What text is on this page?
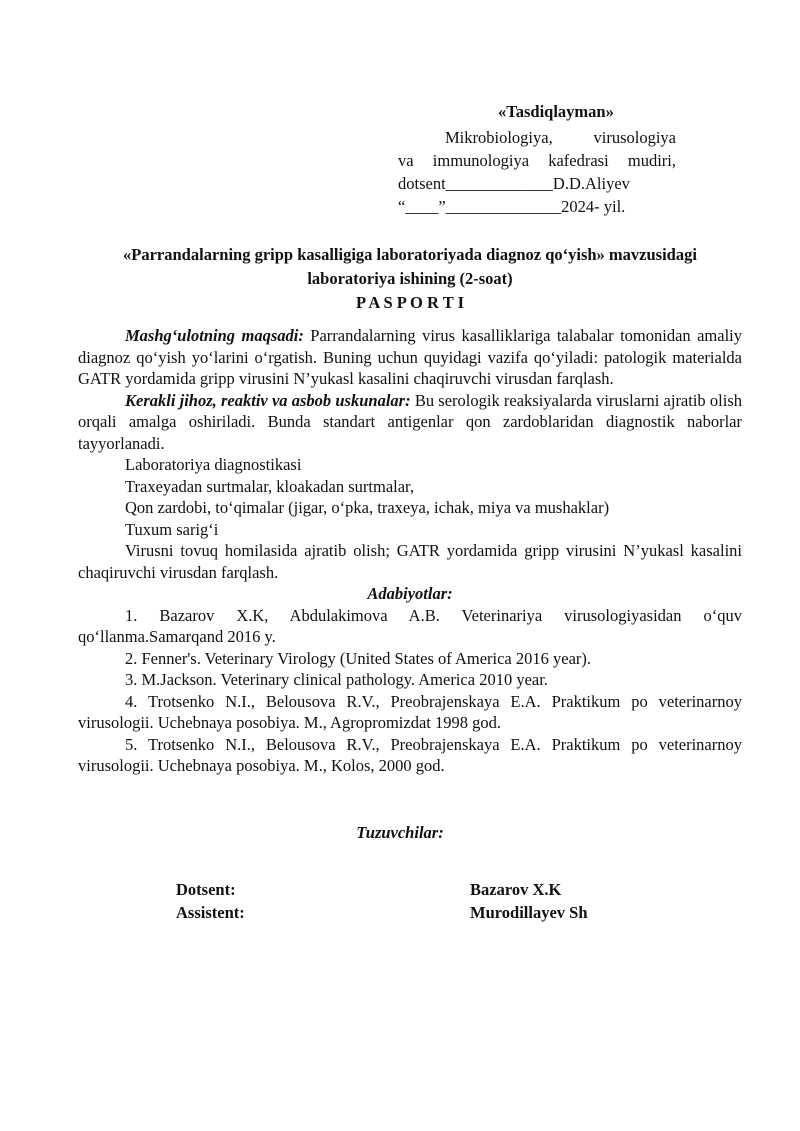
«Tasdiqlayman»
Mikrobiologiya, virusologiya
va immunologiya kafedrasi mudiri,
dotsent_____________D.D.Aliyev
“____”______________2024- yil.
«Parrandalarning gripp kasalligiga laboratoriyada diagnoz qo‘yish» mavzusidagi
laboratoriya ishining (2-soat)
P A S P O R T I

Mashg‘ulotning maqsadi: Parrandalarning virus kasalliklariga talabalar tomonidan amaliy diagnoz qo‘yish yo‘larini o‘rgatish. Buning uchun quyidagi vazifa qo‘yiladi: patologik materialda GATR yordamida gripp virusini N’yukasl kasalini chaqiruvchi virusdan farqlash.

Kerakli jihoz, reaktiv va asbob uskunalar: Bu serologik reaksiyalarda viruslarni ajratib olish orqali amalga oshiriladi. Bunda standart antigenlar qon zardoblaridan diagnostik naborlar tayyorlanadi.

Laboratoriya diagnostikasi

Traxeyadan surtmalar, kloakadan surtmalar,

Qon zardobi, to‘qimalar (jigar, o‘pka, traxeya, ichak, miya va mushaklar)

Tuxum sarig‘i

Virusni tovuq homilasida ajratib olish; GATR yordamida gripp virusini N’yukasl kasalini chaqiruvchi virusdan farqlash.

Adabiyotlar:

1. Bazarov X.K, Abdulakimova A.B. Veterinariya virusologiyasidan o‘quv qo‘llanma.Samarqand 2016 y.

2. Fenner's. Veterinary Virology (United States of America 2016 year).

3. M.Jackson. Veterinary clinical pathology. America 2010 year.

4. Trotsenko N.I., Belousova R.V., Preobrajenskaya E.A. Praktikum po veterinarnoy virusologii. Uchebnaya posobiya. M., Agropromizdat 1998 god.

5. Trotsenko N.I., Belousova R.V., Preobrajenskaya E.A. Praktikum po veterinarnoy virusologii. Uchebnaya posobiya. M., Kolos, 2000 god.

Tuzuvchilar:
Dotsent:
Assistent:
Bazarov X.K
Murodillayev Sh
